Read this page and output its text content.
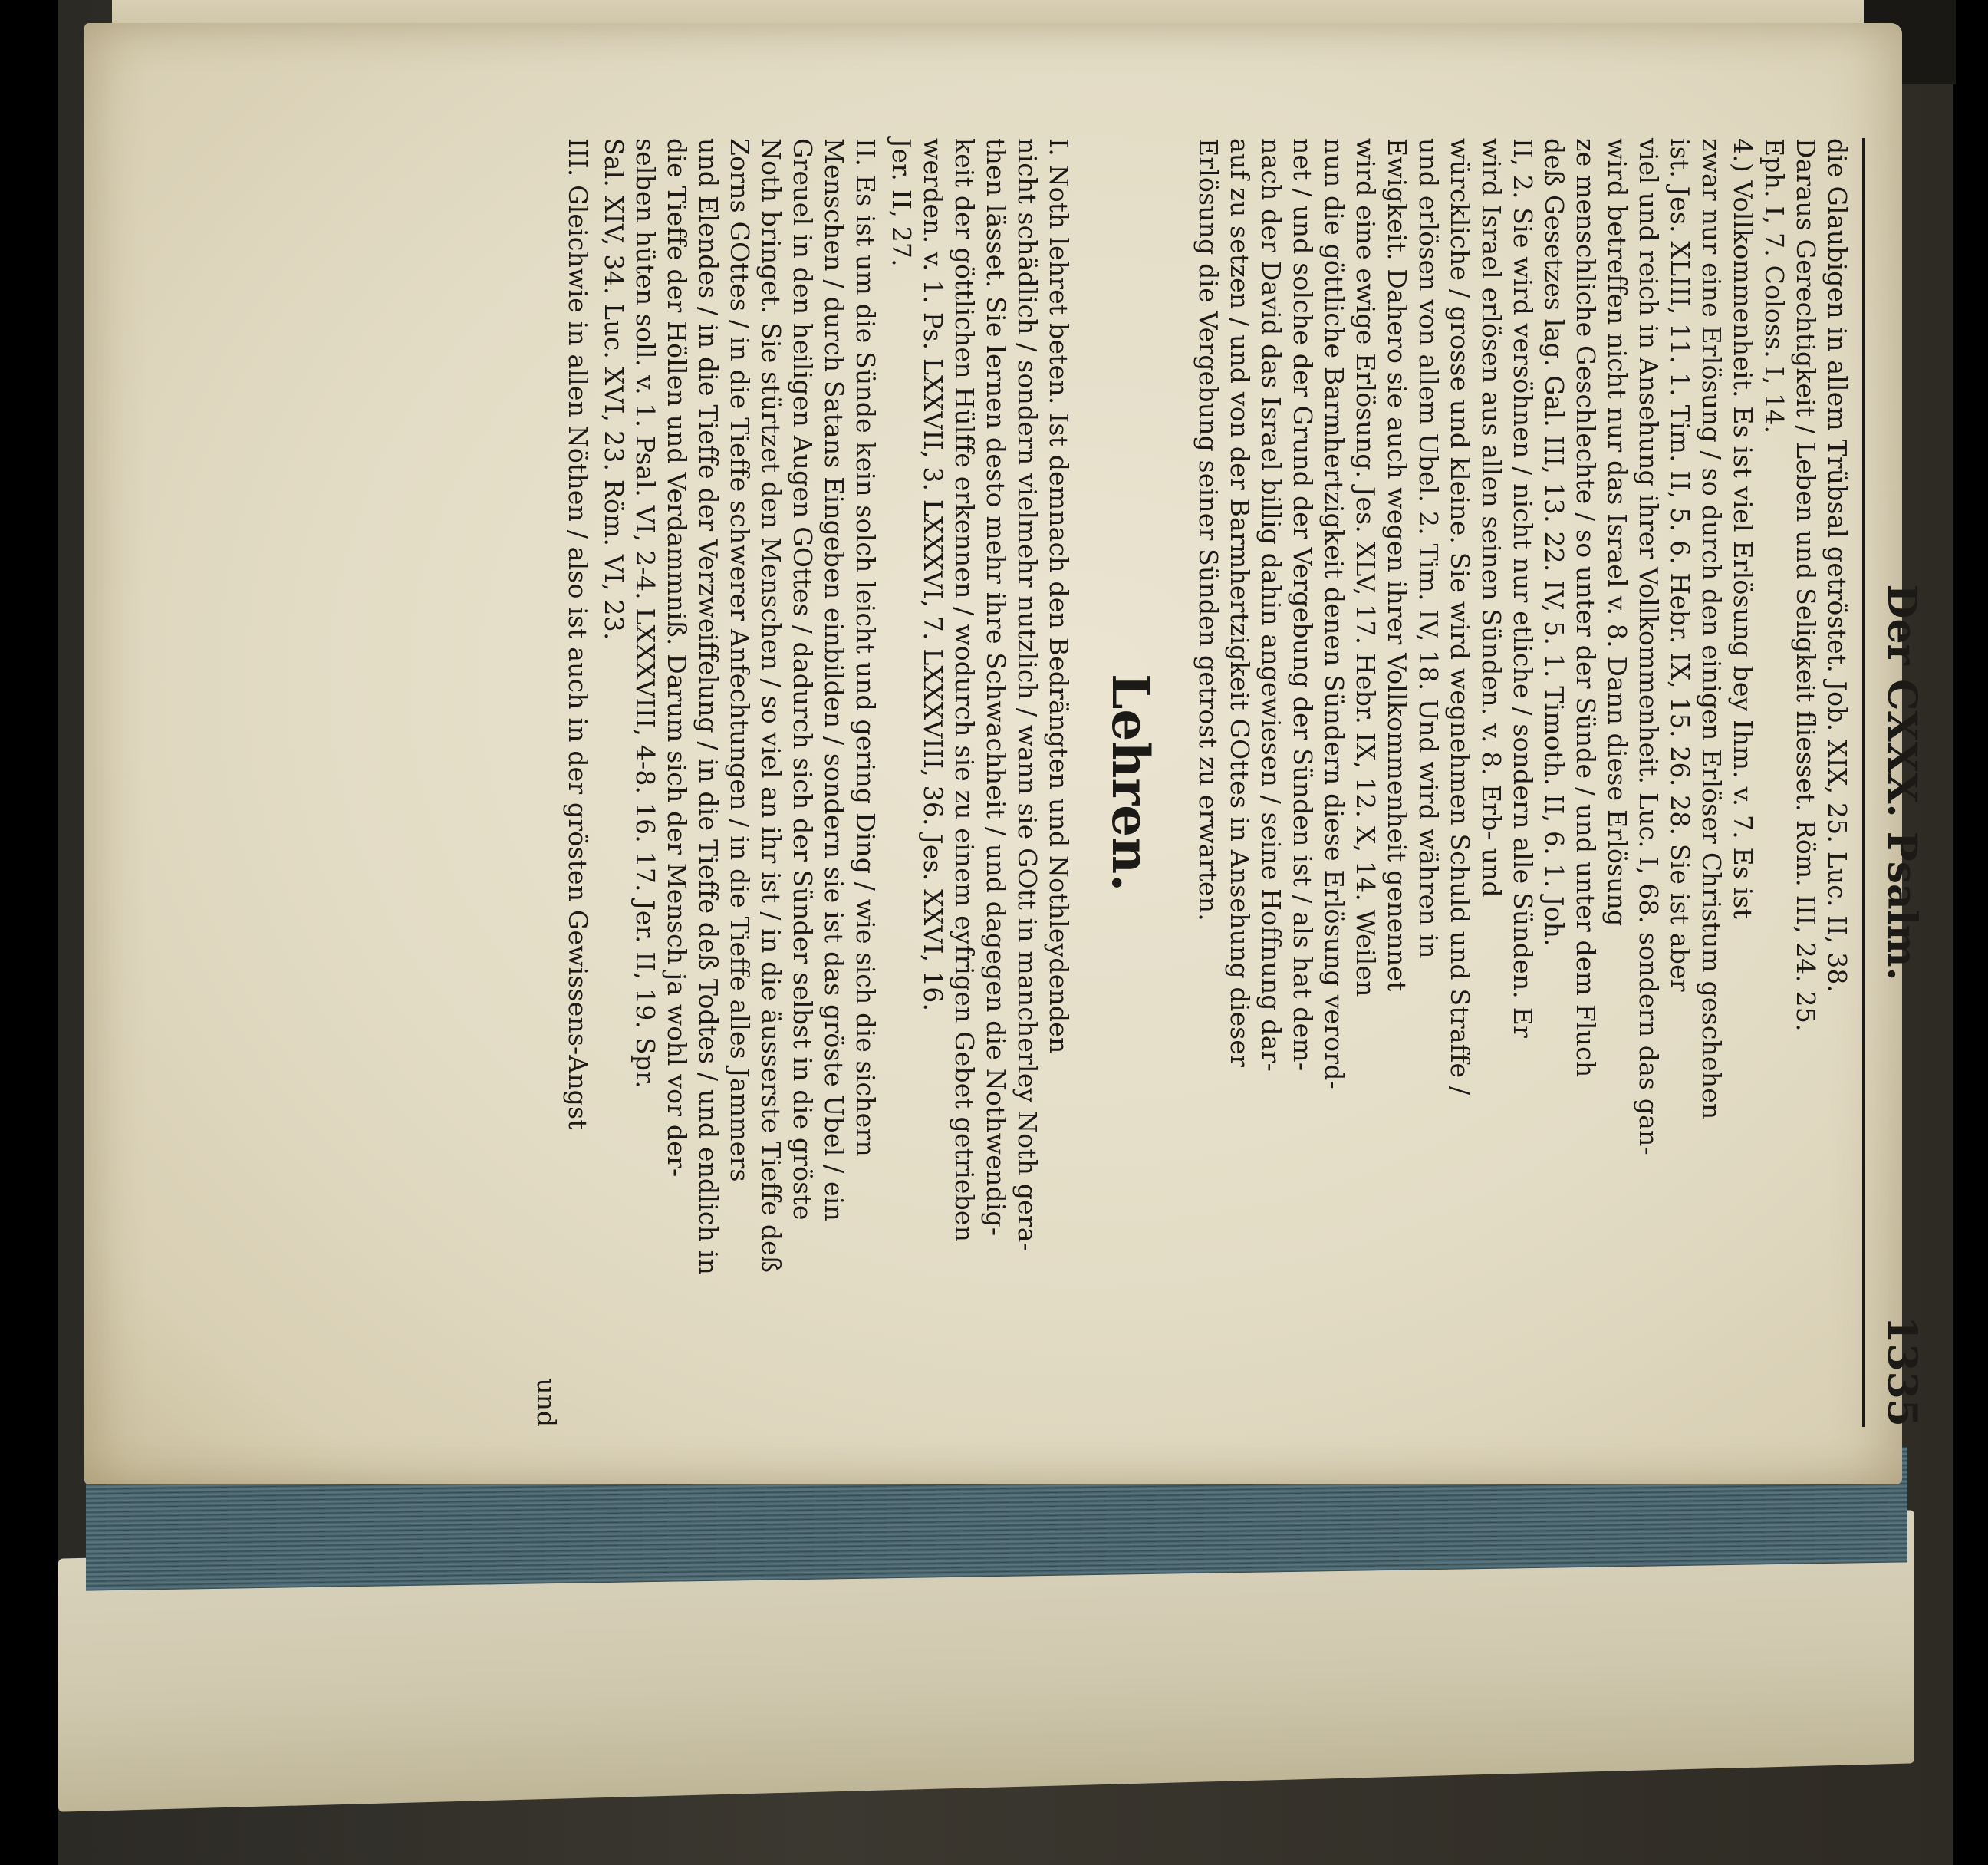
Der CXXX. Psalm.
1335
die Glaubigen in allem Trübsal getröstet. Job. XIX, 25. Luc. II, 38.
Daraus Gerechtigkeit / Leben und Seligkeit fliesset. Röm. III, 24. 25.
Eph. I, 7. Coloss. I, 14.
4.) Vollkommenheit. Es ist viel Erlösung bey Ihm. v. 7. Es ist
zwar nur eine Erlösung / so durch den einigen Erlöser Christum geschehen
ist. Jes. XLIII, 11. 1. Tim. II, 5. 6. Hebr. IX, 15. 26. 28. Sie ist aber
viel und reich in Ansehung ihrer Vollkommenheit. Luc. I, 68. sondern das gan-
wird betreffen nicht nur das Israel v. 8. Dann diese Erlösung
ze menschliche Geschlechte / so unter der Sünde / und unter dem Fluch
deß Gesetzes lag. Gal. III, 13. 22. IV, 5. 1. Timoth. II, 6. 1. Joh.
II, 2. Sie wird versöhnen / nicht nur etliche / sondern alle Sünden. Er
wird Israel erlösen aus allen seinen Sünden. v. 8. Erb- und
würckliche / grosse und kleine. Sie wird wegnehmen Schuld und Straffe /
und erlösen von allem Ubel. 2. Tim. IV, 18. Und wird währen in
Ewigkeit. Dahero sie auch wegen ihrer Vollkommenheit genennet
wird eine ewige Erlösung. Jes. XLV, 17. Hebr. IX, 12. X, 14. Weilen
nun die göttliche Barmhertzigkeit denen Sündern diese Erlösung verord-
net / und solche der Grund der Vergebung der Sünden ist / als hat dem-
nach der David das Israel billig dahin angewiesen / seine Hoffnung dar-
auf zu setzen / und von der Barmhertzigkeit GOttes in Ansehung dieser
Erlösung die Vergebung seiner Sünden getrost zu erwarten.
Lehren.
I. Noth lehret beten. Ist demnach den Bedrängten und Nothleydenden
nicht schädlich / sondern vielmehr nutzlich / wann sie GOtt in mancherley Noth gera-
then lässet. Sie lernen desto mehr ihre Schwachheit / und dagegen die Nothwendig-
keit der göttlichen Hülffe erkennen / wodurch sie zu einem eyfrigen Gebet getrieben
werden. v. 1. Ps. LXXVII, 3. LXXXVI, 7. LXXXVIII, 36. Jes. XXVI, 16.
Jer. II, 27.
II. Es ist um die Sünde kein solch leicht und gering Ding / wie sich die sichern
Menschen / durch Satans Eingeben einbilden / sondern sie ist das gröste Ubel / ein
Greuel in den heiligen Augen GOttes / dadurch sich der Sünder selbst in die gröste
Noth bringet. Sie stürtzet den Menschen / so viel an ihr ist / in die äusserste Tieffe deß
Zorns GOttes / in die Tieffe schwerer Anfechtungen / in die Tieffe alles Jammers
und Elendes / in die Tieffe der Verzweiffelung / in die Tieffe deß Todtes / und endlich in
die Tieffe der Höllen und Verdammniß. Darum sich der Mensch ja wohl vor der-
selben hüten soll. v. 1. Psal. VI, 2-4. LXXXVIII, 4-8. 16. 17. Jer. II, 19. Spr.
Sal. XIV, 34. Luc. XVI, 23. Röm. VI, 23.
III. Gleichwie in allen Nöthen / also ist auch in der grösten Gewissens-Angst
und
